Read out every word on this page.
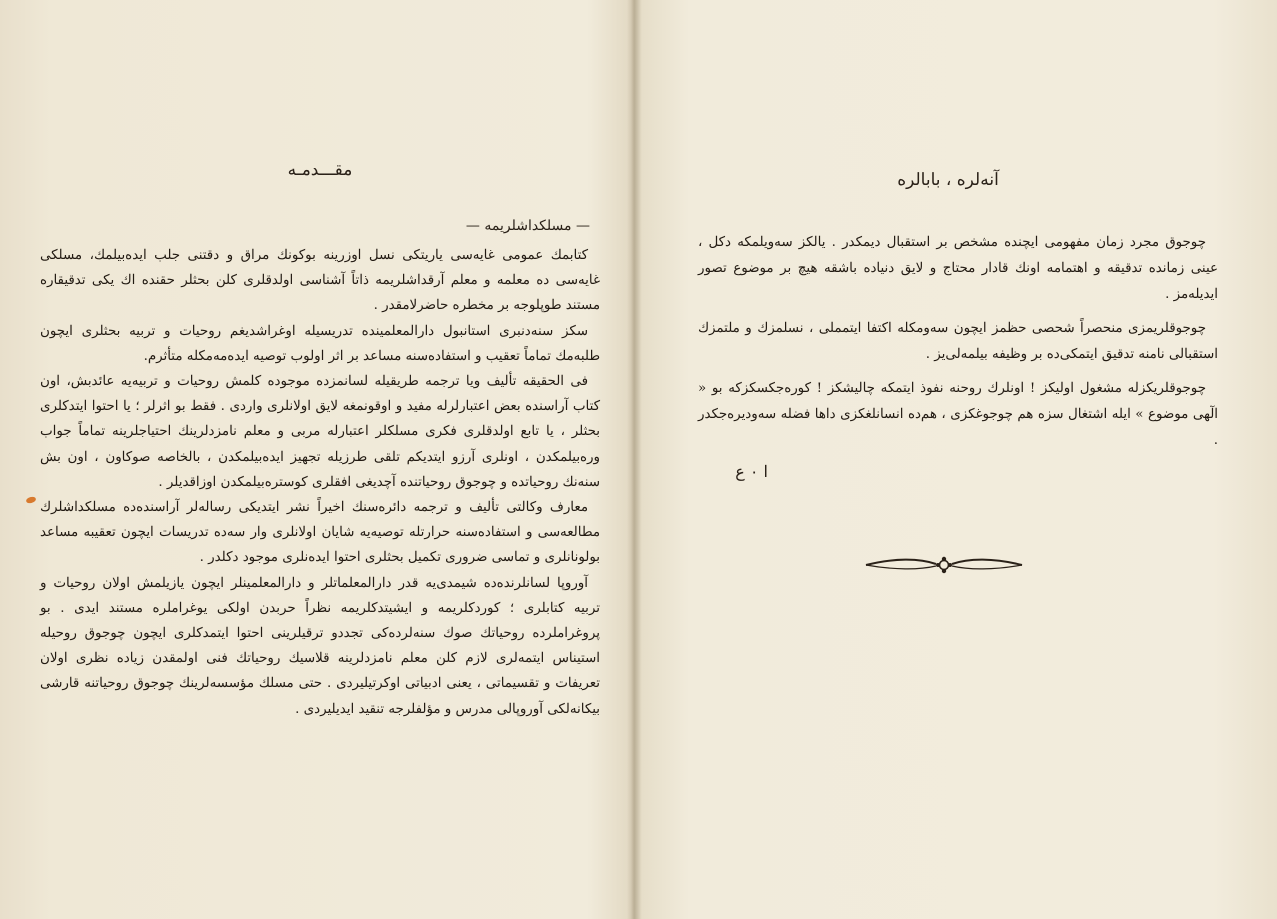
مقـــدمـه
— مسلکداشلریمه —

کتابمك عمومی غایه‌سی یاریتکی نسل اوزرینه بوکونك مراق و دقتنی جلب ایده‌بیلمك، مسلکی غایه‌سی ده معلمه و معلم آرقداشلریمه ذاتاً آشناسی اولدقلری کلن بحثلر حقنده اك یکی تدقیقاره مستند طوپلوجه بر مخطره حاضرلامقدر .

سکز سنه‌دنبری استانبول دارالمعلمینده تدریسیله اوغراشدیغم روحیات و تربیه بحثلری ایچون طلبه‌مك تماماً تعقیب و استفاده‌سنه مساعد بر اثر اولوب توصیه ایده‌مه‌مکله متأثرم.

فی الحقیقه تألیف ویا ترجمه طریقیله لسانمزده موجوده کلمش روحیات و تربیه‌یه عائدبش، اون کتاب آراسنده بعض اعتبارلرله مفید و اوقونمغه لایق اولانلری واردی . فقط بو اثرلر ؛ یا احتوا ایتدکلری بحثلر ، یا تابع اولدقلری فکری مسلکلر اعتبارله مربی و معلم نامزدلرینك احتیاجلرینه تماماً جواب وره‌بیلمکدن ، اونلری آرزو ایتدیکم تلقی طرزیله تجهیز ایده‌بیلمکدن ، بالخاصه صوکاون ، اون بش سنه‌نك روحیاتده و چوجوق روحیاتنده آچدیغی افقلری کوستره‌بیلمکدن اوزاقدیلر .

معارف وکالتی تألیف و ترجمه دائره‌سنك اخیراً نشر ایتدیکی رساله‌لر آراسنده‌ده مسلکداشلرك مطالعه‌سی و استفاده‌سنه حرارتله توصیه‌یه شایان اولانلری وار سه‌ده تدریسات ایچون تعقیبه مساعد بولونانلری و تماسی ضروری تکمیل بحثلری احتوا ایده‌نلری موجود دکلدر .

آوروپا لسانلرنده‌ده شیمدی‌یه قدر دارالمعلماتلر و دارالمعلمینلر ایچون یازیلمش اولان روحیات و تربیه کتابلری ؛ کوردکلریمه و ایشیتدکلریمه نظراً حربدن اولکی یوغراملره مستند ایدی . بو پروغراملرده روحیاتك صوك سنه‌لرده‌کی تجددو ترقیلرینی احتوا ایتمدکلری ایچون چوجوق روحیله استیناس ایتمه‌لری لازم کلن معلم نامزدلرینه قلاسیك روحیاتك فنی اولمقدن زیاده نظری اولان تعریفات و تقسیماتی ، یعنی ادبیاتی اوکرتیلیردی . حتی مسلك مؤسسه‌لرینك چوجوق روحیاتنه قارشی بیکانه‌لکی آوروپالی مدرس و مؤلفلرجه تنقید ایدیلیردی .

آنه‌لره ، بابالره

چوجوق مجرد زمان مفهومی ایچنده مشخص بر استقبال دیمکدر . یالکز سه‌ویلمکه دکل ، عینی زمانده تدقیقه و اهتمامه اونك قادار محتاج و لایق دنیاده باشقه هیچ بر موضوع تصور ایدیله‌مز .

چوجوقلریمزی منحصراً شحصی حظمز ایچون سه‌ومکله اکتفا ایتمملی ، نسلمزك و ملتمزك استقبالی نامنه تدقیق ایتمکی‌ده بر وظیفه بیلمه‌لی‌یز .

چوجوقلریکزله مشغول اولیکز ! اونلرك روحنه نفوذ ایتمکه چالیشکز ! کوره‌جکسکزکه بو « الٓهی موضوع » ایله اشتغال سزه هم چوجوغکزی ، هم‌ده انسانلغکزی داها فضله سه‌ودیره‌جکدر .

ا ٠ ع
